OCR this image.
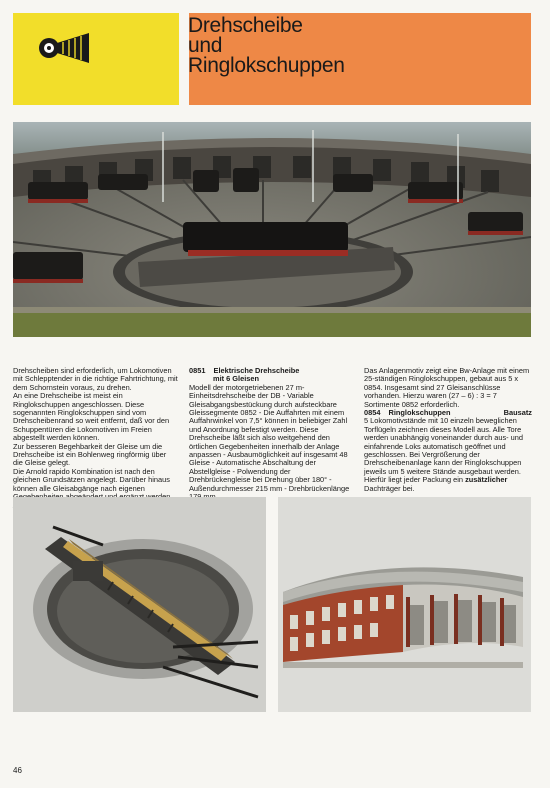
Drehscheibe
und
Ringlokschuppen

Drehscheiben sind erforderlich, um Lokomotiven mit Schlepptender in die richtige Fahrtrichtung, mit dem Schornstein voraus, zu drehen.

An eine Drehscheibe ist meist ein Ringlokschuppen angeschlossen. Diese sogenannten Ringlokschuppen sind vom Drehscheibenrand so weit entfernt, daß vor den Schuppentüren die Lokomotiven im Freien abgestellt werden können.

Zur besseren Begehbarkeit der Gleise um die Drehscheibe ist ein Bohlenweg ringförmig über die Gleise gelegt.

Die Arnold rapido Kombination ist nach den gleichen Grundsätzen angelegt. Darüber hinaus können alle Gleisabgänge nach eigenen

0851 Elektrische Drehscheibe

mit 6 Gleisen

Modell der motorgetriebenen 27 m-Einheitsdrehscheibe der DB - Variable Gleisabgangsbestückung durch aufsteckbare Gleissegmente 0852 - Die Auffahrten mit einem Auffahrwinkel von 7,5° können in beliebiger Zahl und Anordnung befestigt werden. Diese Drehscheibe läßt sich also weitgehend den örtlichen Gegebenheiten innerhalb der Anlage anpassen - Ausbaumöglichkeit auf insgesamt 48 Gleise - Automatische Abschaltung der Abstellgleise - Polwendung der Drehbrückengleise bei Drehung über 180° - Außendurchmesser 215 mm - Drehbrückenlänge

Das Anlagenmotiv zeigt eine Bw-Anlage mit einem 25-ständigen Ringlokschuppen, gebaut aus 5 x 0854. Insgesamt sind 27 Gleisanschlüsse vorhanden. Hierzu waren (27 – 6) : 3 = 7 Sortimente 0852 erforderlich.

0854 Ringlokschuppen	Bausatz

5 Lokomotivstände mit 10 einzeln beweglichen Torflügeln zeichnen dieses Modell aus. Alle Tore werden unabhängig voneinander durch aus- und einfahrende Loks automatisch geöffnet und geschlossen. Bei Vergrößerung der Drehscheibenanlage kann der Ringlokschuppen jeweils um 5 weitere Stände ausgebaut werden. Hierfür liegt jeder Packung ein zusätzlicher Dachträger bei.

46
